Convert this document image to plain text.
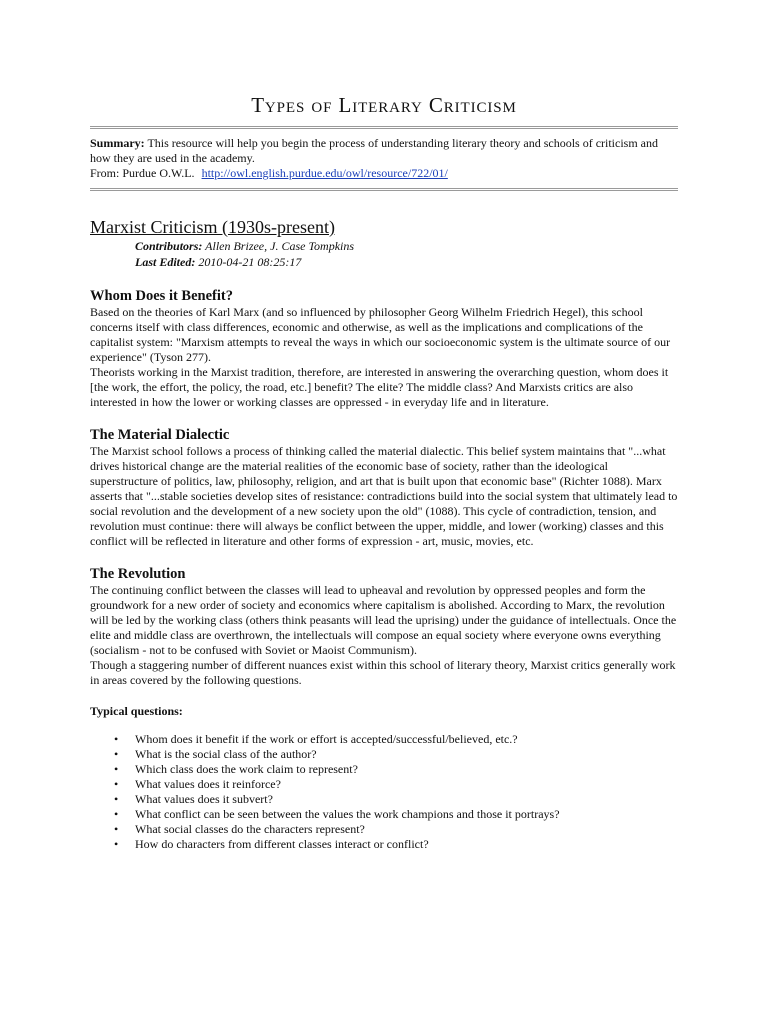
Types of Literary Criticism

Summary: This resource will help you begin the process of understanding literary theory and schools of criticism and how they are used in the academy.

From: Purdue O.W.L. http://owl.english.purdue.edu/owl/resource/722/01/

Marxist Criticism (1930s-present)

Contributors: Allen Brizee, J. Case Tompkins

Last Edited: 2010-04-21 08:25:17

Whom Does it Benefit?

Based on the theories of Karl Marx (and so influenced by philosopher Georg Wilhelm Friedrich Hegel), this school concerns itself with class differences, economic and otherwise, as well as the implications and complications of the capitalist system: "Marxism attempts to reveal the ways in which our socioeconomic system is the ultimate source of our experience" (Tyson 277).

Theorists working in the Marxist tradition, therefore, are interested in answering the overarching question, whom does it [the work, the effort, the policy, the road, etc.] benefit? The elite? The middle class? And Marxists critics are also interested in how the lower or working classes are oppressed - in everyday life and in literature.

The Material Dialectic

The Marxist school follows a process of thinking called the material dialectic. This belief system maintains that "...what drives historical change are the material realities of the economic base of society, rather than the ideological superstructure of politics, law, philosophy, religion, and art that is built upon that economic base" (Richter 1088). Marx asserts that "...stable societies develop sites of resistance: contradictions build into the social system that ultimately lead to social revolution and the development of a new society upon the old" (1088). This cycle of contradiction, tension, and revolution must continue: there will always be conflict between the upper, middle, and lower (working) classes and this conflict will be reflected in literature and other forms of expression - art, music, movies, etc.

The Revolution

The continuing conflict between the classes will lead to upheaval and revolution by oppressed peoples and form the groundwork for a new order of society and economics where capitalism is abolished. According to Marx, the revolution will be led by the working class (others think peasants will lead the uprising) under the guidance of intellectuals. Once the elite and middle class are overthrown, the intellectuals will compose an equal society where everyone owns everything (socialism - not to be confused with Soviet or Maoist Communism).

Though a staggering number of different nuances exist within this school of literary theory, Marxist critics generally work in areas covered by the following questions.

Typical questions:

• Whom does it benefit if the work or effort is accepted/successful/believed, etc.?
• What is the social class of the author?
• Which class does the work claim to represent?
• What values does it reinforce?
• What values does it subvert?
• What conflict can be seen between the values the work champions and those it portrays?
• What social classes do the characters represent?
• How do characters from different classes interact or conflict?
